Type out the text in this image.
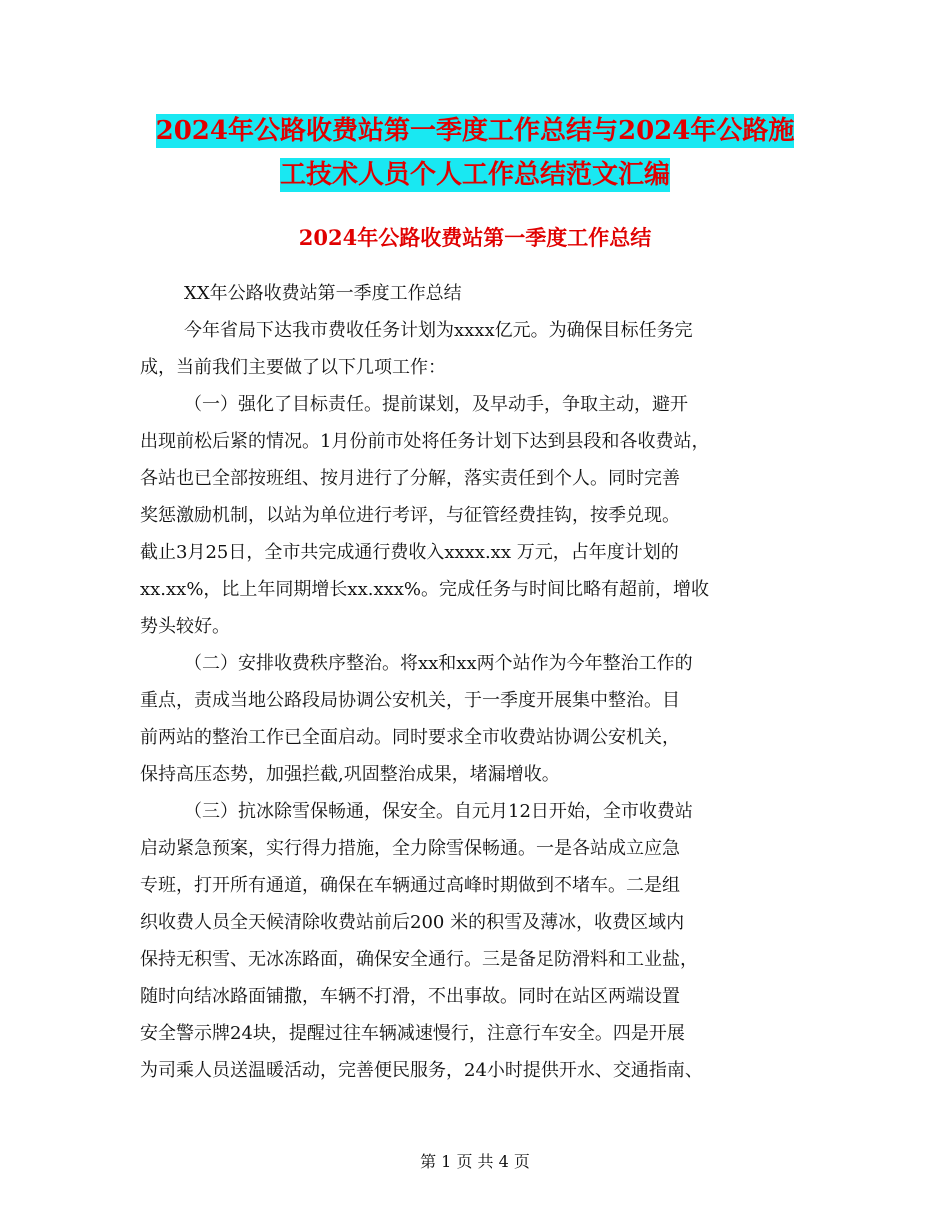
2024年公路收费站第一季度工作总结与2024年公路施
工技术人员个人工作总结范文汇编
2024年公路收费站第一季度工作总结
XX年公路收费站第一季度工作总结
今年省局下达我市费收任务计划为xxxx亿元。为确保目标任务完
成，当前我们主要做了以下几项工作：
（一）强化了目标责任。提前谋划，及早动手，争取主动，避开
出现前松后紧的情况。1月份前市处将任务计划下达到县段和各收费站，
各站也已全部按班组、按月进行了分解，落实责任到个人。同时完善
奖惩激励机制，以站为单位进行考评，与征管经费挂钩，按季兑现。
截止3月25日，全市共完成通行费收入xxxx.xx 万元，占年度计划的
xx.xx%，比上年同期增长xx.xxx%。完成任务与时间比略有超前，增收
势头较好。
（二）安排收费秩序整治。将xx和xx两个站作为今年整治工作的
重点，责成当地公路段局协调公安机关，于一季度开展集中整治。目
前两站的整治工作已全面启动。同时要求全市收费站协调公安机关，
保持高压态势，加强拦截,巩固整治成果，堵漏增收。
（三）抗冰除雪保畅通，保安全。自元月12日开始，全市收费站
启动紧急预案，实行得力措施，全力除雪保畅通。一是各站成立应急
专班，打开所有通道，确保在车辆通过高峰时期做到不堵车。二是组
织收费人员全天候清除收费站前后200 米的积雪及薄冰，收费区域内
保持无积雪、无冰冻路面，确保安全通行。三是备足防滑料和工业盐，
随时向结冰路面铺撒，车辆不打滑，不出事故。同时在站区两端设置
安全警示牌24块，提醒过往车辆减速慢行，注意行车安全。四是开展
为司乘人员送温暖活动，完善便民服务，24小时提供开水、交通指南、
第 1 页 共 4 页
